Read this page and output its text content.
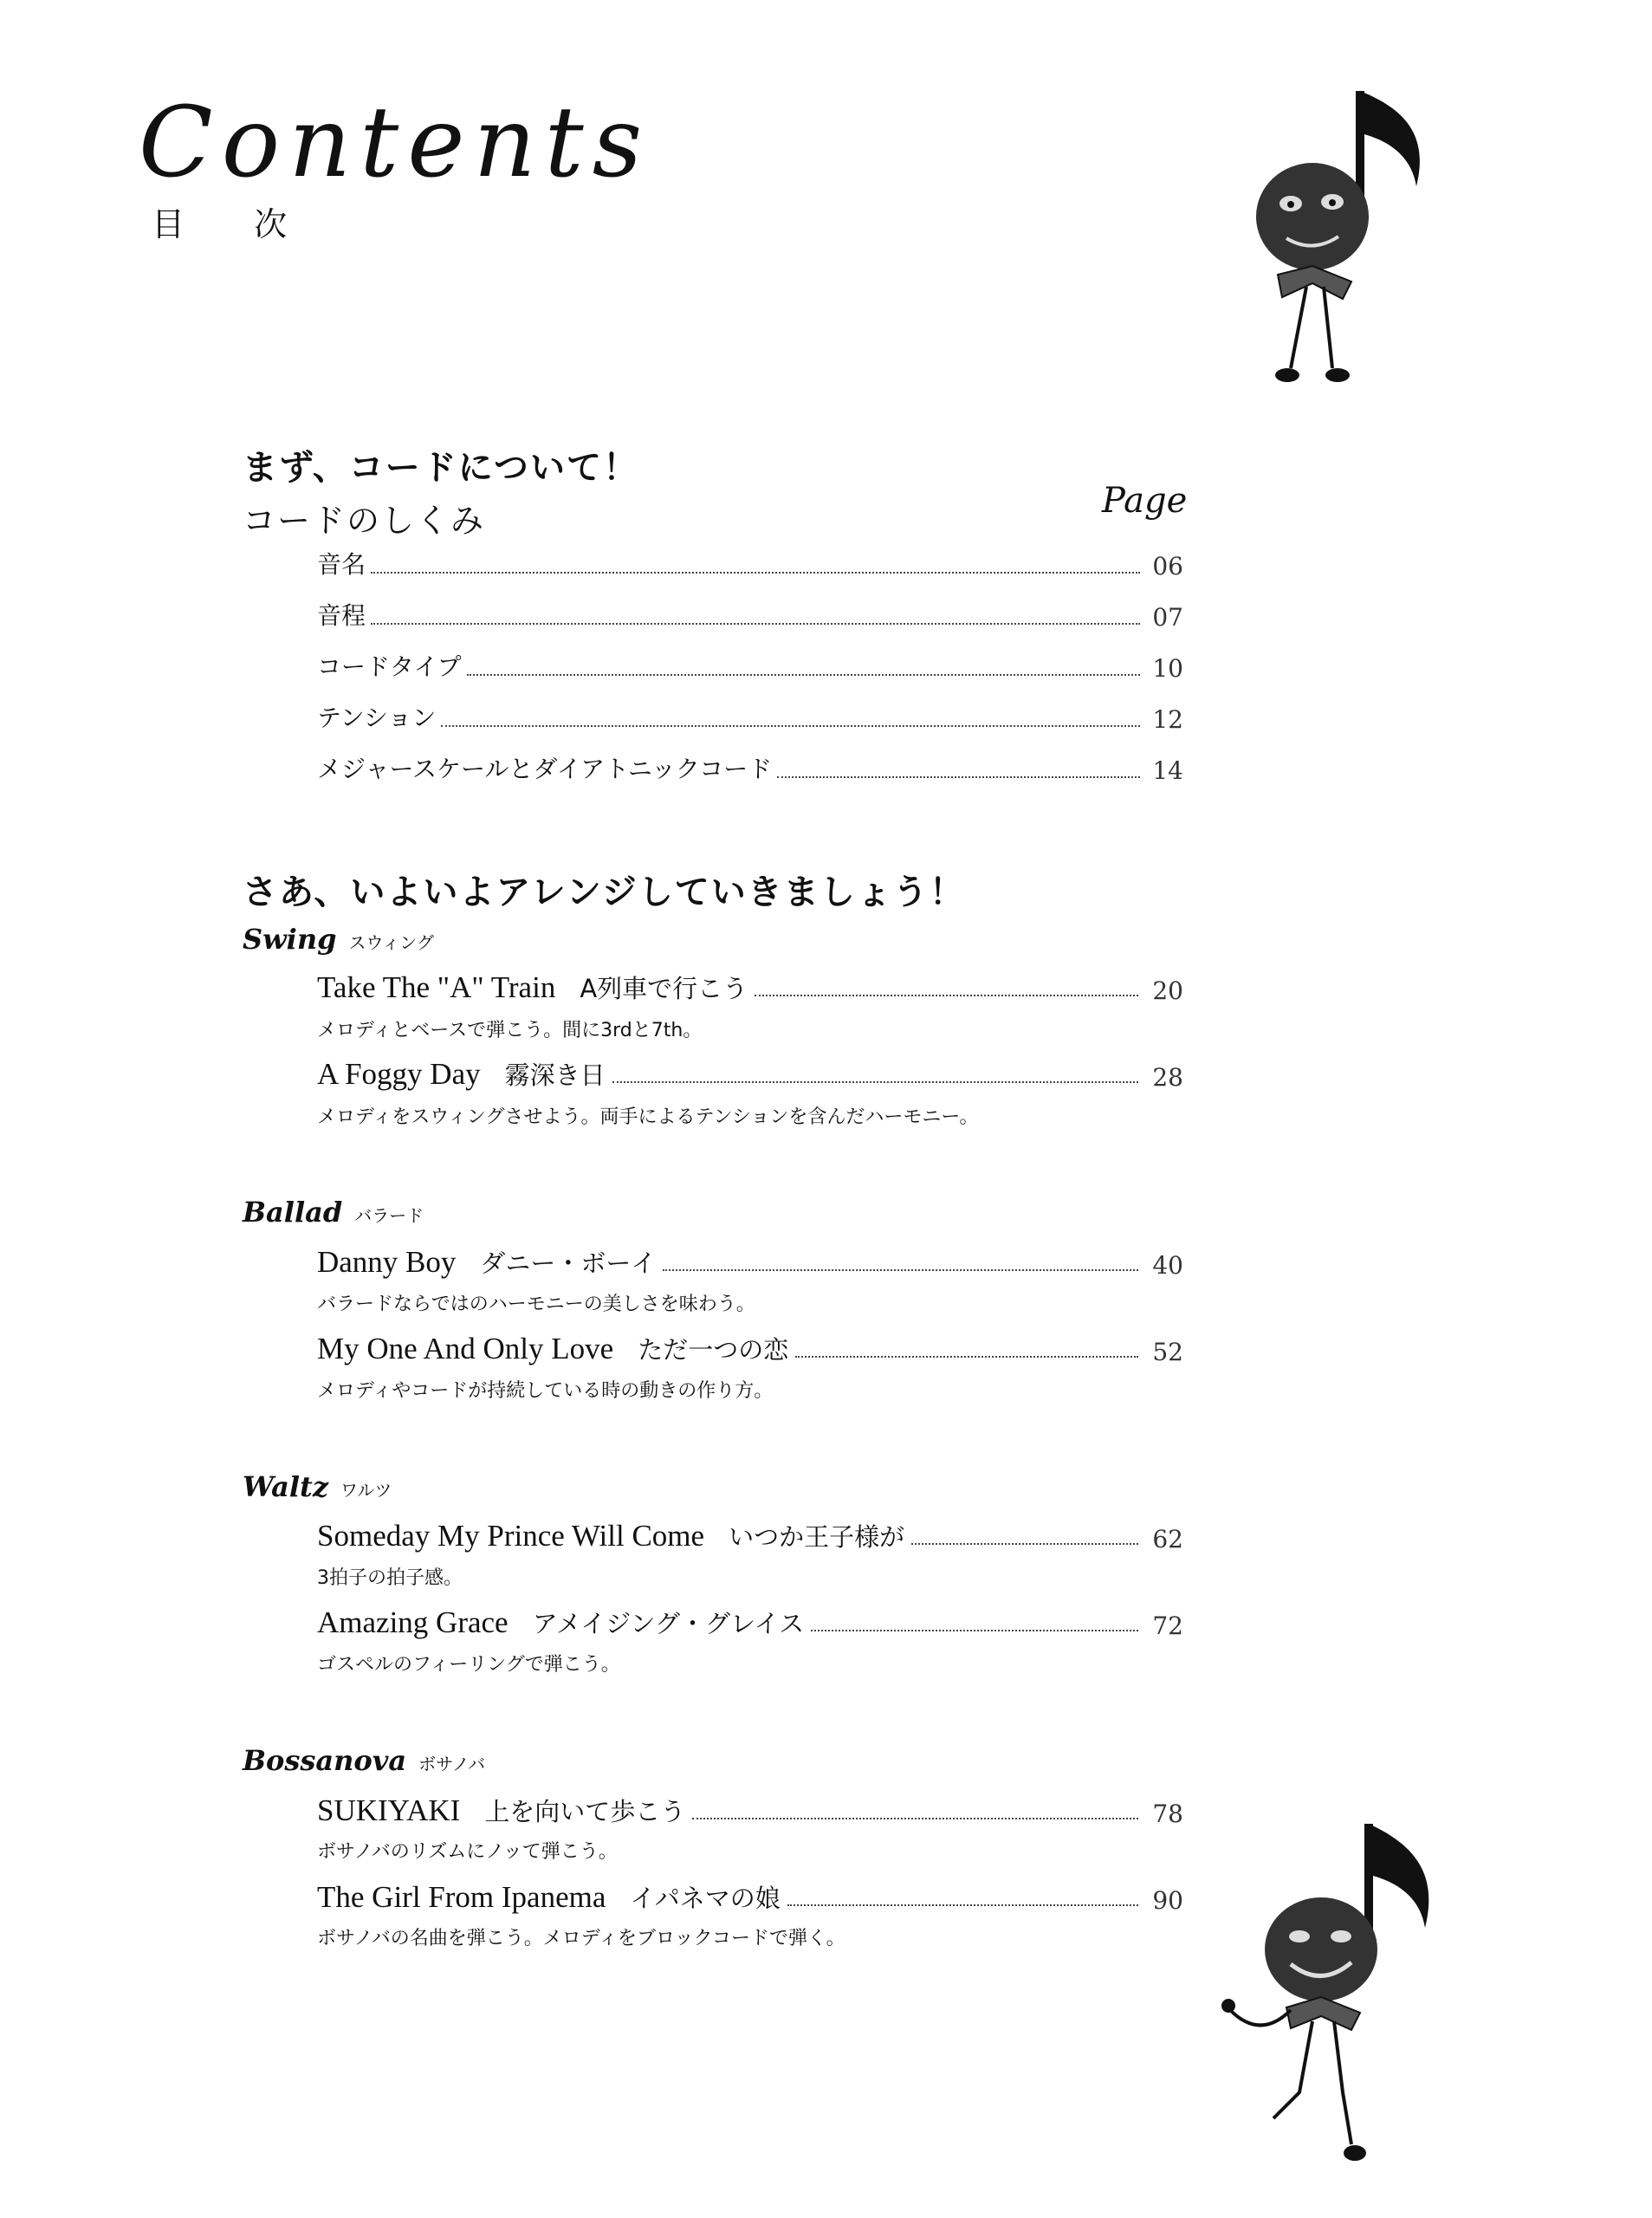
Contents
目 次
まず、コードについて！
コードのしくみ	Page
音名	06
音程	07
コードタイプ	10
テンション	12
メジャースケールとダイアトニックコード	14
さあ、いよいよアレンジしていきましょう！
Swing スウィング
Take The "A" Train A列車で行こう	20
メロディとベースで弾こう。間に3rdと7th。
A Foggy Day 霧深き日	28
メロディをスウィングさせよう。両手によるテンションを含んだハーモニー。
Ballad バラード
Danny Boy ダニー・ボーイ	40
バラードならではのハーモニーの美しさを味わう。
My One And Only Love ただ一つの恋	52
メロディやコードが持続している時の動きの作り方。
Waltz ワルツ
Someday My Prince Will Come いつか王子様が	62
3拍子の拍子感。
Amazing Grace アメイジング・グレイス	72
ゴスペルのフィーリングで弾こう。
Bossanova ボサノバ
SUKIYAKI 上を向いて歩こう	78
ボサノバのリズムにノッて弾こう。
The Girl From Ipanema イパネマの娘	90
ボサノバの名曲を弾こう。メロディをブロックコードで弾く。
